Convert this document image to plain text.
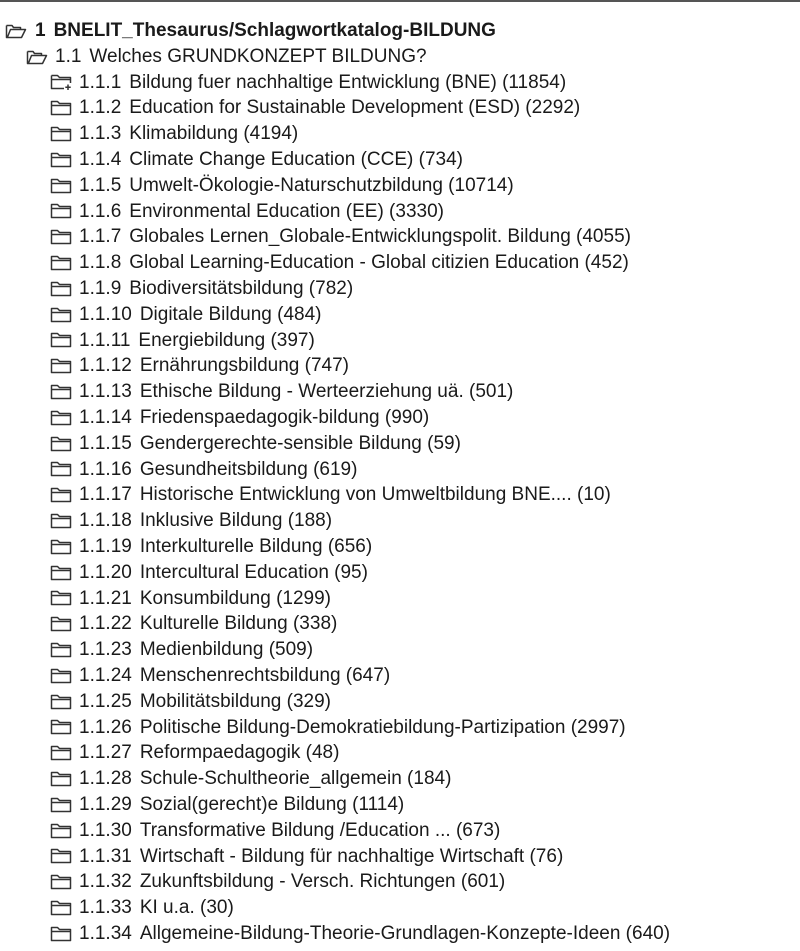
1 BNELIT_Thesaurus/Schlagwortkatalog-BILDUNG
1.1 Welches GRUNDKONZEPT BILDUNG?
1.1.1 Bildung fuer nachhaltige Entwicklung (BNE) (11854)
1.1.2 Education for Sustainable Development (ESD) (2292)
1.1.3 Klimabildung (4194)
1.1.4 Climate Change Education (CCE) (734)
1.1.5 Umwelt-Ökologie-Naturschutzbildung (10714)
1.1.6 Environmental Education (EE) (3330)
1.1.7 Globales Lernen_Globale-Entwicklungspolit. Bildung (4055)
1.1.8 Global Learning-Education - Global citizien Education (452)
1.1.9 Biodiversitätsbildung (782)
1.1.10 Digitale Bildung (484)
1.1.11 Energiebildung (397)
1.1.12 Ernährungsbildung (747)
1.1.13 Ethische Bildung - Werteerziehung uä. (501)
1.1.14 Friedenspaedagogik-bildung (990)
1.1.15 Gendergerechte-sensible Bildung (59)
1.1.16 Gesundheitsbildung (619)
1.1.17 Historische Entwicklung von Umweltbildung BNE.... (10)
1.1.18 Inklusive Bildung (188)
1.1.19 Interkulturelle Bildung (656)
1.1.20 Intercultural Education (95)
1.1.21 Konsumbildung (1299)
1.1.22 Kulturelle Bildung (338)
1.1.23 Medienbildung (509)
1.1.24 Menschenrechtsbildung (647)
1.1.25 Mobilitätsbildung (329)
1.1.26 Politische Bildung-Demokratiebildung-Partizipation (2997)
1.1.27 Reformpaedagogik (48)
1.1.28 Schule-Schultheorie_allgemein (184)
1.1.29 Sozial(gerecht)e Bildung (1114)
1.1.30 Transformative Bildung /Education ... (673)
1.1.31 Wirtschaft - Bildung für nachhaltige Wirtschaft (76)
1.1.32 Zukunftsbildung - Versch. Richtungen (601)
1.1.33 KI u.a. (30)
1.1.34 Allgemeine-Bildung-Theorie-Grundlagen-Konzepte-Ideen (640)
